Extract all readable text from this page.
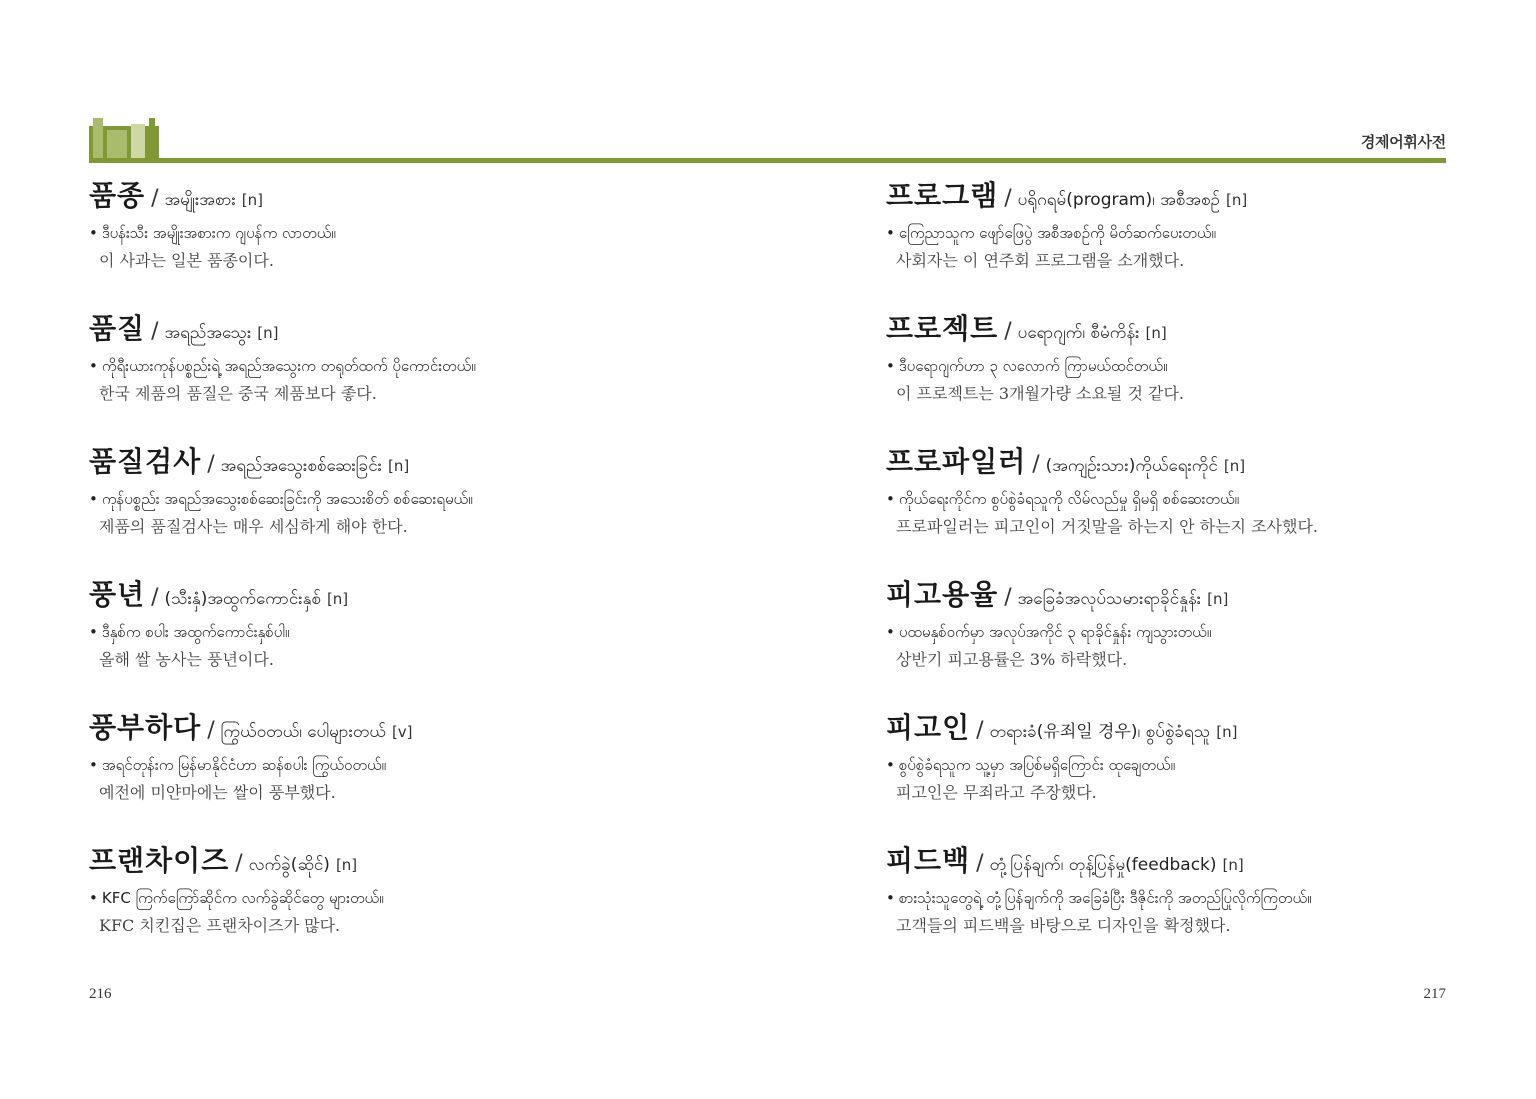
경제어휘사전
품종 / အမျိုးအစား [n]
• ဒီပန်းသီး အမျိုးအစားက ဂျပန်က လာတယ်။
이 사과는 일본 품종이다.
품질 / အရည်အသွေး [n]
• ကိုရီးယားကုန်ပစ္စည်းရဲ့ အရည်အသွေးက တရုတ်ထက် ပိုကောင်းတယ်။
한국 제품의 품질은 중국 제품보다 좋다.
품질검사 / အရည်အသွေးစစ်ဆေးခြင်း [n]
• ကုန်ပစ္စည်း အရည်အသွေးစစ်ဆေးခြင်းကို အသေးစိတ် စစ်ဆေးရမယ်။
제품의 품질검사는 매우 세심하게 해야 한다.
풍년 / (သီးနှံ)အထွက်ကောင်းနှစ် [n]
• ဒီနှစ်က စပါး အထွက်ကောင်းနှစ်ပါ။
올해 쌀 농사는 풍년이다.
풍부하다 / ကြွယ်ဝတယ်၊ ပေါများတယ် [v]
• အရင်တုန်းက မြန်မာနိုင်ငံဟာ ဆန်စပါး ကြွယ်ဝတယ်။
예전에 미얀마에는 쌀이 풍부했다.
프랜차이즈 / လက်ခွဲ(ဆိုင်) [n]
• KFC ကြက်ကြော်ဆိုင်က လက်ခွဲဆိုင်တွေ များတယ်။
KFC 치킨집은 프랜차이즈가 많다.
프로그램 / ပရိုဂရမ်(program)၊ အစီအစဉ် [n]
• ကြေညာသူက ဖျော်ဖြေပွဲ အစီအစဉ်ကို မိတ်ဆက်ပေးတယ်။
사회자는 이 연주회 프로그램을 소개했다.
프로젝트 / ပရောဂျက်၊ စီမံကိန်း [n]
• ဒီပရောဂျက်ဟာ ၃ လလောက် ကြာမယ်ထင်တယ်။
이 프로젝트는 3개월가량 소요될 것 같다.
프로파일러 / (အကျဉ်းသား)ကိုယ်ရေးကိုင် [n]
• ကိုယ်ရေးကိုင်က စွပ်စွဲခံရသူကို လိမ်လည်မှု ရှိမရှိ စစ်ဆေးတယ်။
프로파일러는 피고인이 거짓말을 하는지 안 하는지 조사했다.
피고용율 / အခြေခံအလုပ်သမားရာခိုင်နှုန်း [n]
• ပထမနှစ်ဝက်မှာ အလုပ်အကိုင် ၃ ရာခိုင်နှုန်း ကျသွားတယ်။
상반기 피고용률은 3% 하락했다.
피고인 / တရားခံ(유죄일 경우)၊ စွပ်စွဲခံရသူ [n]
• စွပ်စွဲခံရသူက သူ့မှာ အပြစ်မရှိကြောင်း ထုချေတယ်။
피고인은 무죄라고 주장했다.
피드백 / တုံ့ပြန်ချက်၊ တုန့်ပြန်မှု(feedback) [n]
• စားသုံးသူတွေရဲ့ တုံ့ပြန်ချက်ကို အခြေခံပြီး ဒီဇိုင်းကို အတည်ပြုလိုက်ကြတယ်။
고객들의 피드백을 바탕으로 디자인을 확정했다.
216	217
